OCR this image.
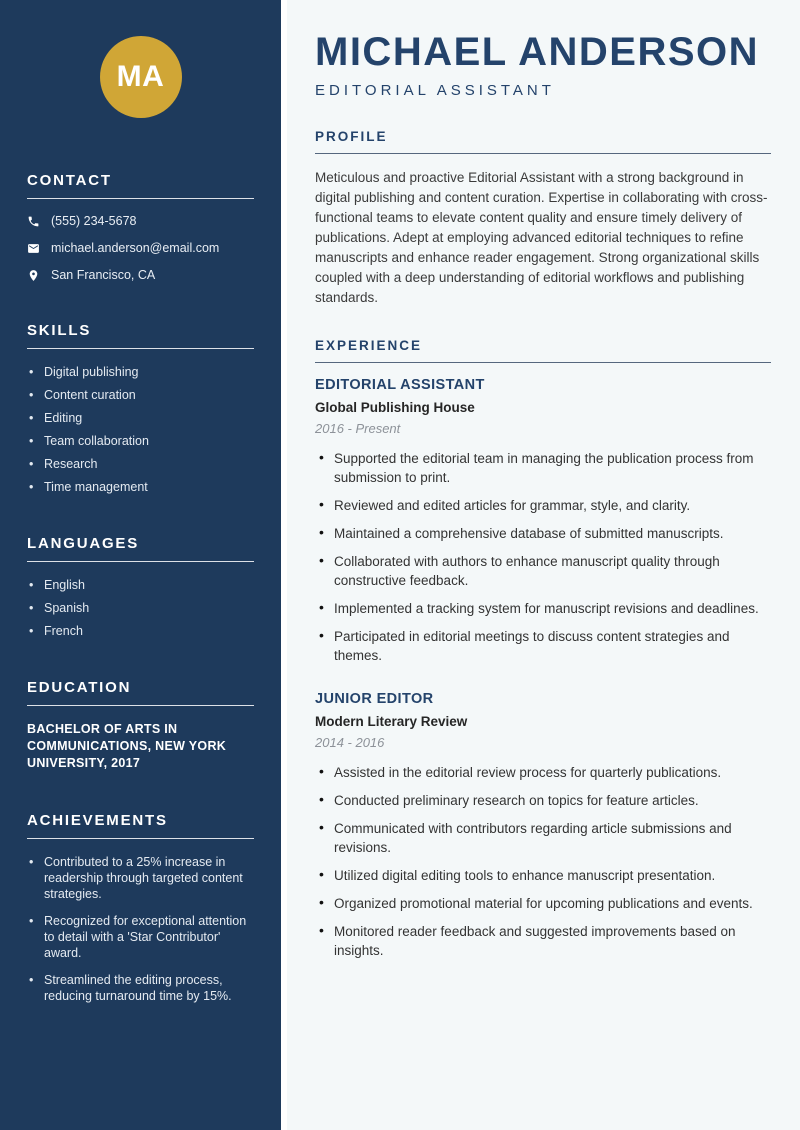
MA
CONTACT
(555) 234-5678
michael.anderson@email.com
San Francisco, CA
SKILLS
• Digital publishing
• Content curation
• Editing
• Team collaboration
• Research
• Time management
LANGUAGES
• English
• Spanish
• French
EDUCATION
BACHELOR OF ARTS IN COMMUNICATIONS, NEW YORK UNIVERSITY, 2017
ACHIEVEMENTS
• Contributed to a 25% increase in readership through targeted content strategies.
• Recognized for exceptional attention to detail with a 'Star Contributor' award.
• Streamlined the editing process, reducing turnaround time by 15%.
MICHAEL ANDERSON
EDITORIAL ASSISTANT
PROFILE

Meticulous and proactive Editorial Assistant with a strong background in digital publishing and content curation. Expertise in collaborating with cross-functional teams to elevate content quality and ensure timely delivery of publications. Adept at employing advanced editorial techniques to refine manuscripts and enhance reader engagement. Strong organizational skills coupled with a deep understanding of editorial workflows and publishing standards.

EXPERIENCE
EDITORIAL ASSISTANT
Global Publishing House
2016 - Present
• Supported the editorial team in managing the publication process from submission to print.
• Reviewed and edited articles for grammar, style, and clarity.
• Maintained a comprehensive database of submitted manuscripts.
• Collaborated with authors to enhance manuscript quality through constructive feedback.
• Implemented a tracking system for manuscript revisions and deadlines.
• Participated in editorial meetings to discuss content strategies and themes.
JUNIOR EDITOR
Modern Literary Review
2014 - 2016
• Assisted in the editorial review process for quarterly publications.
• Conducted preliminary research on topics for feature articles.
• Communicated with contributors regarding article submissions and revisions.
• Utilized digital editing tools to enhance manuscript presentation.
• Organized promotional material for upcoming publications and events.
• Monitored reader feedback and suggested improvements based on insights.
